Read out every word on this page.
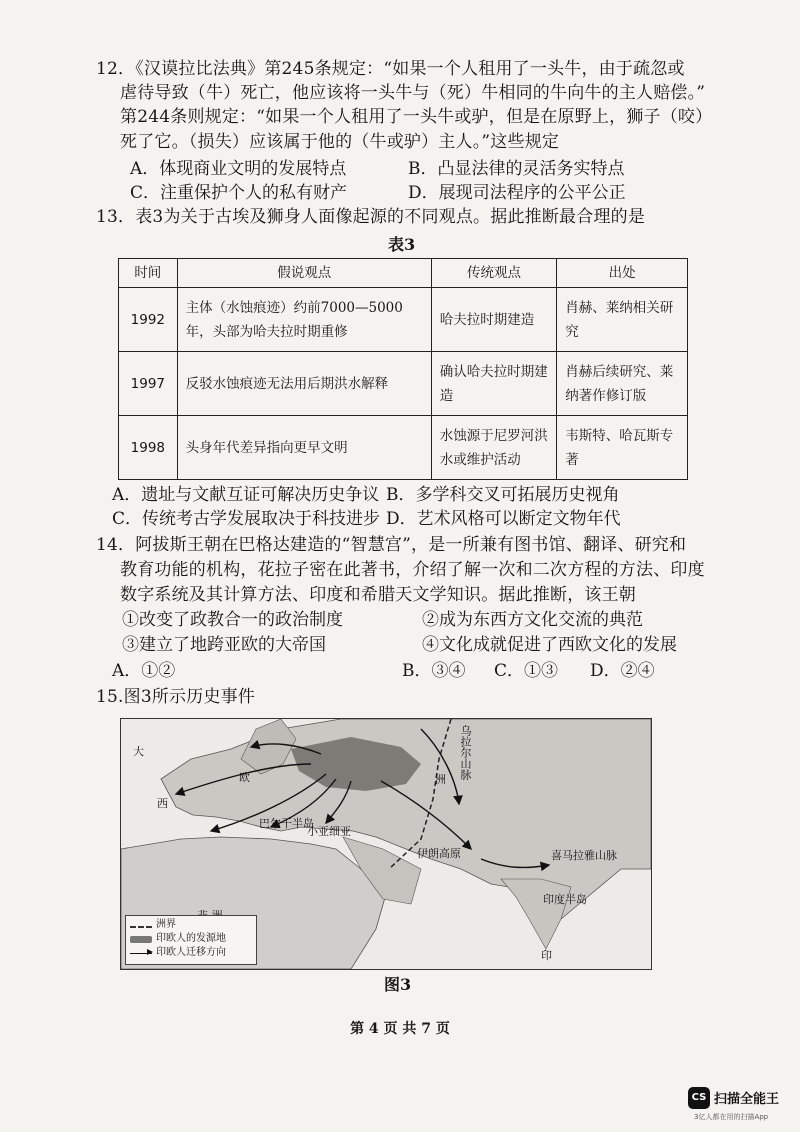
12．《汉谟拉比法典》第245条规定：“如果一个人租用了一头牛，由于疏忽或
虐待导致（牛）死亡，他应该将一头牛与（死）牛相同的牛向牛的主人赔偿。”
第244条则规定：“如果一个人租用了一头牛或驴，但是在原野上，狮子（咬）
死了它。（损失）应该属于他的（牛或驴）主人。”这些规定
A．体现商业文明的发展特点	B．凸显法律的灵活务实特点
C．注重保护个人的私有财产	D．展现司法程序的公平公正
13．表3为关于古埃及狮身人面像起源的不同观点。据此推断最合理的是
表3
时间	假说观点	传统观点	出处
1992	主体（水蚀痕迹）约前7000—5000年，头部为哈夫拉时期重修	哈夫拉时期建造	肖赫、莱纳相关研究
1997	反驳水蚀痕迹无法用后期洪水解释	确认哈夫拉时期建造	肖赫后续研究、莱纳著作修订版
1998	头身年代差异指向更早文明	水蚀源于尼罗河洪水或维护活动	韦斯特、哈瓦斯专著
A．遗址与文献互证可解决历史争议 B．多学科交叉可拓展历史视角
C．传统考古学发展取决于科技进步 D．艺术风格可以断定文物年代
14．阿拔斯王朝在巴格达建造的“智慧宫”，是一所兼有图书馆、翻译、研究和
教育功能的机构，花拉子密在此著书，介绍了解一次和二次方程的方法、印度
数字系统及其计算方法、印度和希腊天文学知识。据此推断，该王朝
①改变了政教合一的政治制度	②成为东西方文化交流的典范
③建立了地跨亚欧的大帝国	④文化成就促进了西欧文化的发展
A．①②	B．③④ C．①③ D．②④
15.图3所示历史事件
大
欧
西
巴尔干半岛
小亚细亚
伊朗高原
乌拉尔山脉
洲
喜马拉雅山脉
印度半岛
印
洲界
印欧人的发源地
印欧人迁移方向
图3
第 4 页 共 7 页
CS 扫描全能王
3亿人都在用的扫描App
